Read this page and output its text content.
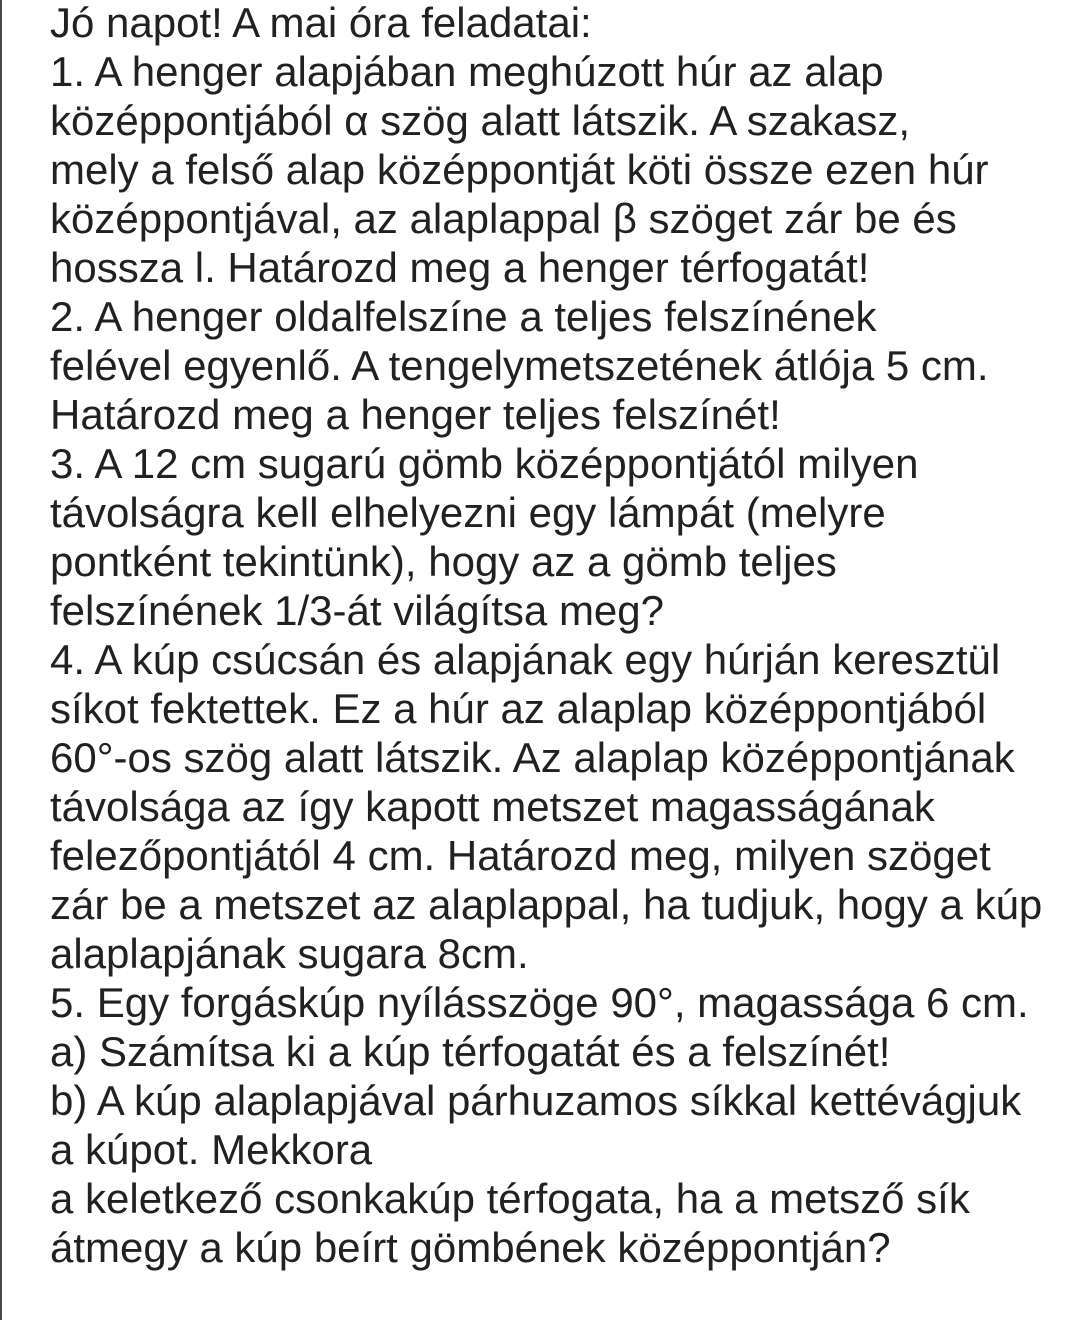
Jó napot! A mai óra feladatai:
1. A henger alapjában meghúzott húr az alap
középpontjából α szög alatt látszik. A szakasz,
mely a felső alap középpontját köti össze ezen húr
középpontjával, az alaplappal β szöget zár be és
hossza l. Határozd meg a henger térfogatát!
2. A henger oldalfelszíne a teljes felszínének
felével egyenlő. A tengelymetszetének átlója 5 cm.
Határozd meg a henger teljes felszínét!
3. A 12 cm sugarú gömb középpontjától milyen
távolságra kell elhelyezni egy lámpát (melyre
pontként tekintünk), hogy az a gömb teljes
felszínének 1/3-át világítsa meg?
4. A kúp csúcsán és alapjának egy húrján keresztül
síkot fektettek. Ez a húr az alaplap középpontjából
60°-os szög alatt látszik. Az alaplap középpontjának
távolsága az így kapott metszet magasságának
felezőpontjától 4 cm. Határozd meg, milyen szöget
zár be a metszet az alaplappal, ha tudjuk, hogy a kúp
alaplapjának sugara 8cm.
5. Egy forgáskúp nyílásszöge 90°, magassága 6 cm.
a) Számítsa ki a kúp térfogatát és a felszínét!
b) A kúp alaplapjával párhuzamos síkkal kettévágjuk
a kúpot. Mekkora
a keletkező csonkakúp térfogata, ha a metsző sík
átmegy a kúp beírt gömbének középpontján?
